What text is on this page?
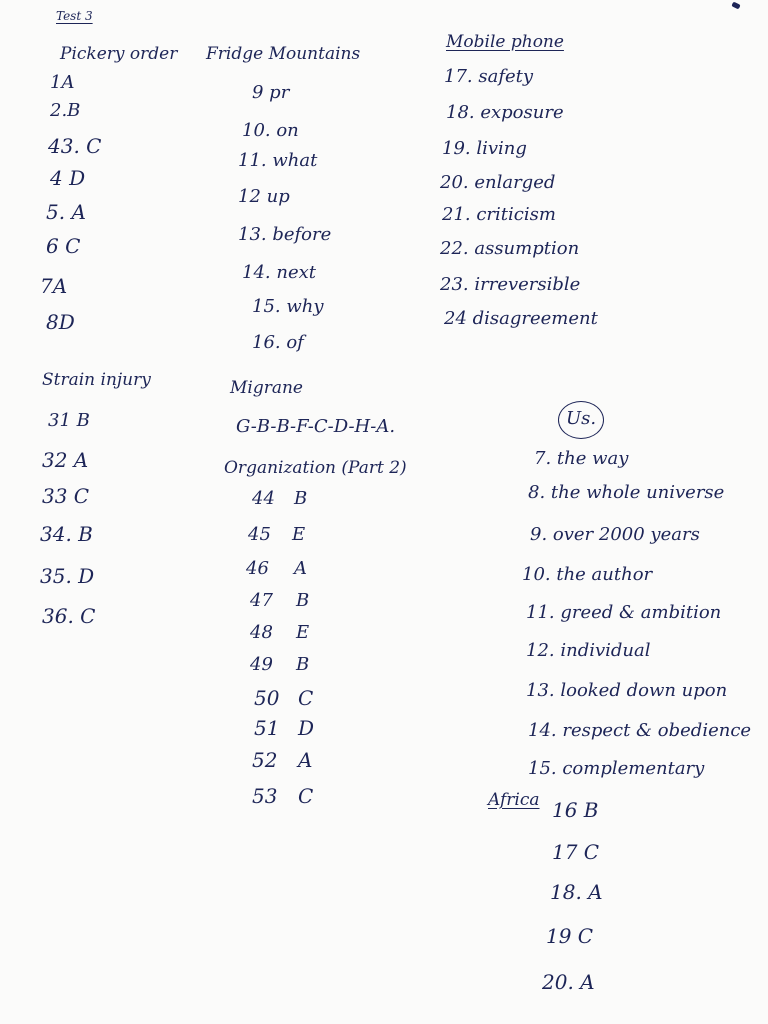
Test 3
Pickery order
1A
2.B
43. C
4 D
5. A
6 C
7A
8D
Fridge Mountains
9 pr
10. on
11. what
12 up
13. before
14. next
15. why
16. of
Mobile phone
17. safety
18. exposure
19. living
20. enlarged
21. criticism
22. assumption
23. irreversible
24 disagreement
Strain injury
31 B
32 A
33 C
34. B
35. D
36. C
Migrane
G-B-B-F-C-D-H-A.
Organization (Part 2)
44 B
45 E
46 A
47 B
48 E
49 B
50 C
51 D
52 A
53 C
Us.
7. the way
8. the whole universe
9. over 2000 years
10. the author
11. greed & ambition
12. individual
13. looked down upon
14. respect & obedience
15. complementary
Africa 16 B
17 C
18. A
19 C
20. A
